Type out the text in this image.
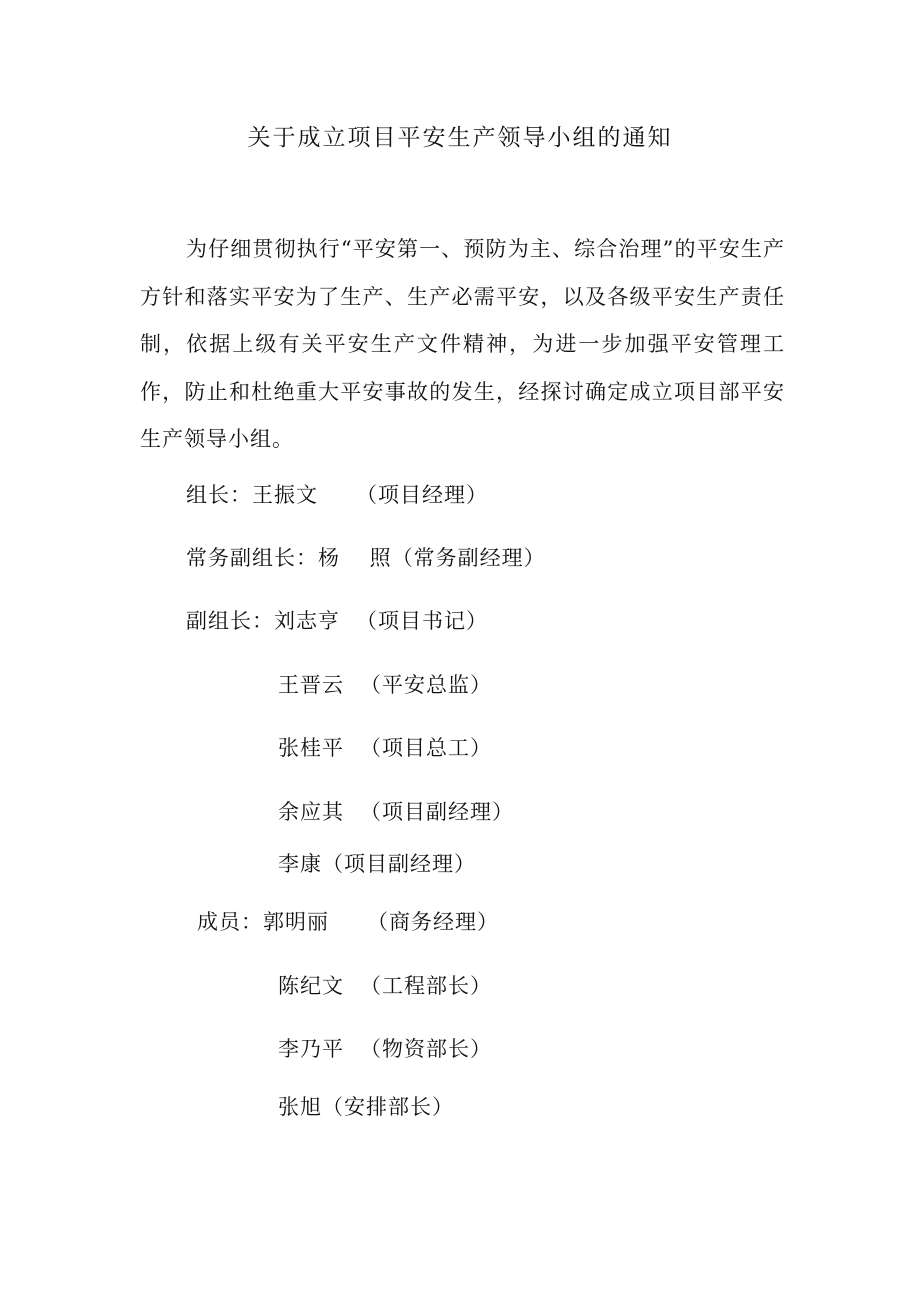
关于成立项目平安生产领导小组的通知

为仔细贯彻执行“平安第一、预防为主、综合治理”的平安生产方针和落实平安为了生产、生产必需平安，以及各级平安生产责任制，依据上级有关平安生产文件精神，为进一步加强平安管理工作，防止和杜绝重大平安事故的发生，经探讨确定成立项目部平安生产领导小组。

组长：王振文 （项目经理）
常务副组长：杨　 照（常务副经理）
副组长：刘志亨 （项目书记）
王晋云 （平安总监）
张桂平 （项目总工）
余应其 （项目副经理）
李康（项目副经理）
成员：郭明丽 （商务经理）
陈纪文 （工程部长）
李乃平 （物资部长）
张旭（安排部长）
